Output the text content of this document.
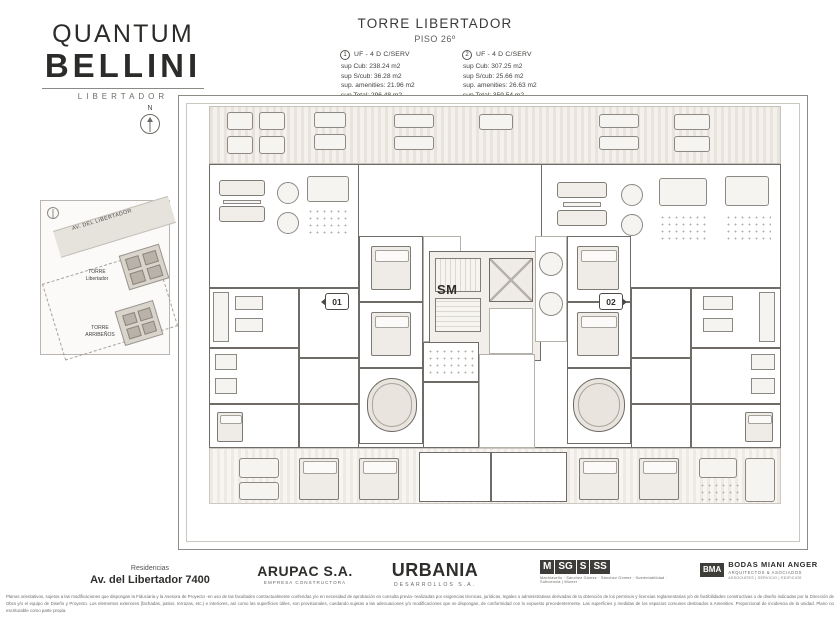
QUANTUM
BELLINI
LIBERTADOR
TORRE LIBERTADOR
PISO 26º
1	UF - 4 D C/SERV
sup Cub: 238.24 m2
sup S/cub: 36.28 m2
sup. amenities: 21.96 m2
2	UF - 4 D C/SERV
sup Cub: 307.25 m2
sup S/cub: 25.66 m2
sup. amenities: 26.63 m2
N
AV. DEL LIBERTADOR
TORRE
Libertador
TORRE
ARRIBEÑOS
01
SM
02
Residencias
Av. del Libertador 7400
ARUPAC S.A.
EMPRESA CONSTRUCTORA
URBANIA
DESARROLLOS S.A.
M SG S SS
Machiavello · Sánchez Gómez · Sánchez Gómez · Sustentabilidad · Suficiencia | Wizner
BMA
BODAS MIANI ANGER
ARQUITECTOS & ASOCIADOS
ASSOCIATES | SERVICIO | EDIFICIOS
Planos orientativos, sujetos a las modificaciones que dispongan la Fiduciaria y la Asesora de Proyecto -en uso de las facultades contractualmente conferidas y/o en necesidad de aprobación en consulta previa- realizadas por exigencias técnicas, jurídicas, legales o administrativas derivadas de la obtención de los permisos y licencias reglamentarias y/o de factibilidades constructivas o de diseño indicadas por la Dirección de Obra y/o el equipo de Diseño y Proyecto. Los elementos exteriores (fachadas, patios, terrazas, etc.) e interiores, así como las superficies útiles, son provisionales, cuedando sujetas a las adecuaciones y/o modificaciones que se dispongan, de conformidad con lo expuesto precedentemente. Las superficies y medidas de los espacios comunes destinados a Amenities. Proporcional de incidencia de la unidad. Plano no escriturable como parte propia.
